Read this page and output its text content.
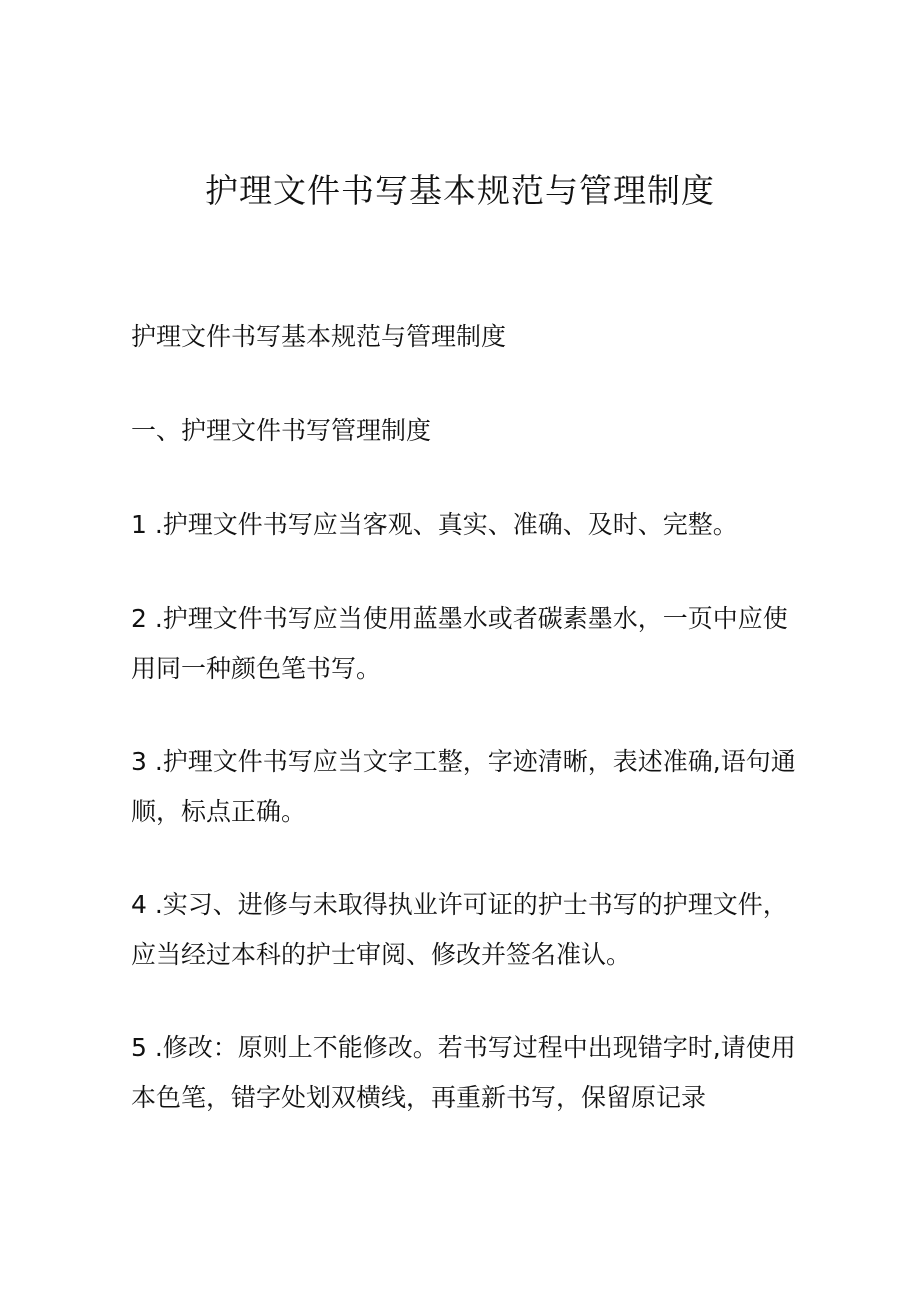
护理文件书写基本规范与管理制度

护理文件书写基本规范与管理制度

一、护理文件书写管理制度

1 .护理文件书写应当客观、真实、准确、及时、完整。

2 .护理文件书写应当使用蓝墨水或者碳素墨水，一页中应使用同一种颜色笔书写。

3 .护理文件书写应当文字工整，字迹清晰，表述准确,语句通顺，标点正确。

4 .实习、进修与未取得执业许可证的护士书写的护理文件，应当经过本科的护士审阅、修改并签名准认。

5 .修改：原则上不能修改。若书写过程中出现错字时,请使用本色笔，错字处划双横线，再重新书写，保留原记录
